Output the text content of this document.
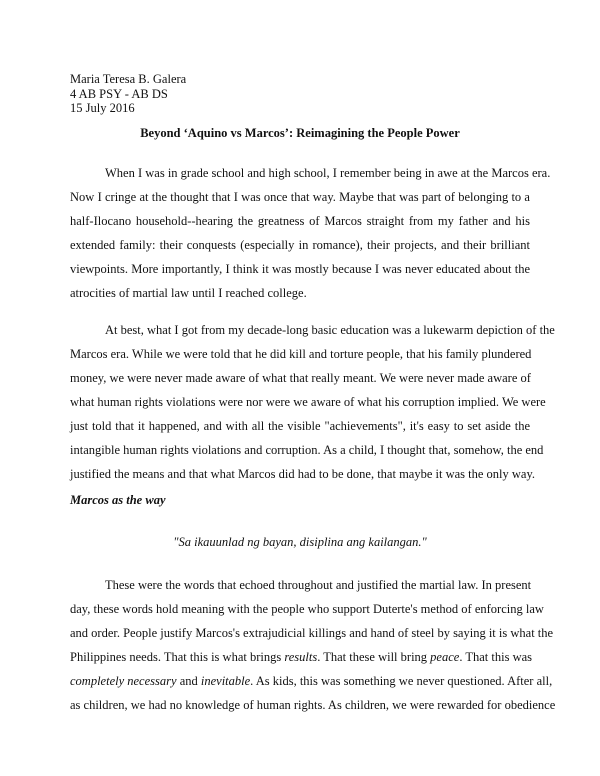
Maria Teresa B. Galera
4 AB PSY - AB DS
15 July 2016
Beyond ‘Aquino vs Marcos’: Reimagining the People Power
When I was in grade school and high school, I remember being in awe at the Marcos era.
Now I cringe at the thought that I was once that way. Maybe that was part of belonging to a
half-Ilocano household--hearing the greatness of Marcos straight from my father and his
extended family: their conquests (especially in romance), their projects, and their brilliant
viewpoints. More importantly, I think it was mostly because I was never educated about the
atrocities of martial law until I reached college.
At best, what I got from my decade-long basic education was a lukewarm depiction of the
Marcos era. While we were told that he did kill and torture people, that his family plundered
money, we were never made aware of what that really meant. We were never made aware of
what human rights violations were nor were we aware of what his corruption implied. We were
just told that it happened, and with all the visible "achievements", it's easy to set aside the
intangible human rights violations and corruption. As a child, I thought that, somehow, the end
justified the means and that what Marcos did had to be done, that maybe it was the only way.
Marcos as the way
"Sa ikauunlad ng bayan, disiplina ang kailangan."
These were the words that echoed throughout and justified the martial law. In present
day, these words hold meaning with the people who support Duterte's method of enforcing law
and order. People justify Marcos's extrajudicial killings and hand of steel by saying it is what the
Philippines needs. That this is what brings results. That these will bring peace. That this was
completely necessary and inevitable. As kids, this was something we never questioned. After all,
as children, we had no knowledge of human rights. As children, we were rewarded for obedience
